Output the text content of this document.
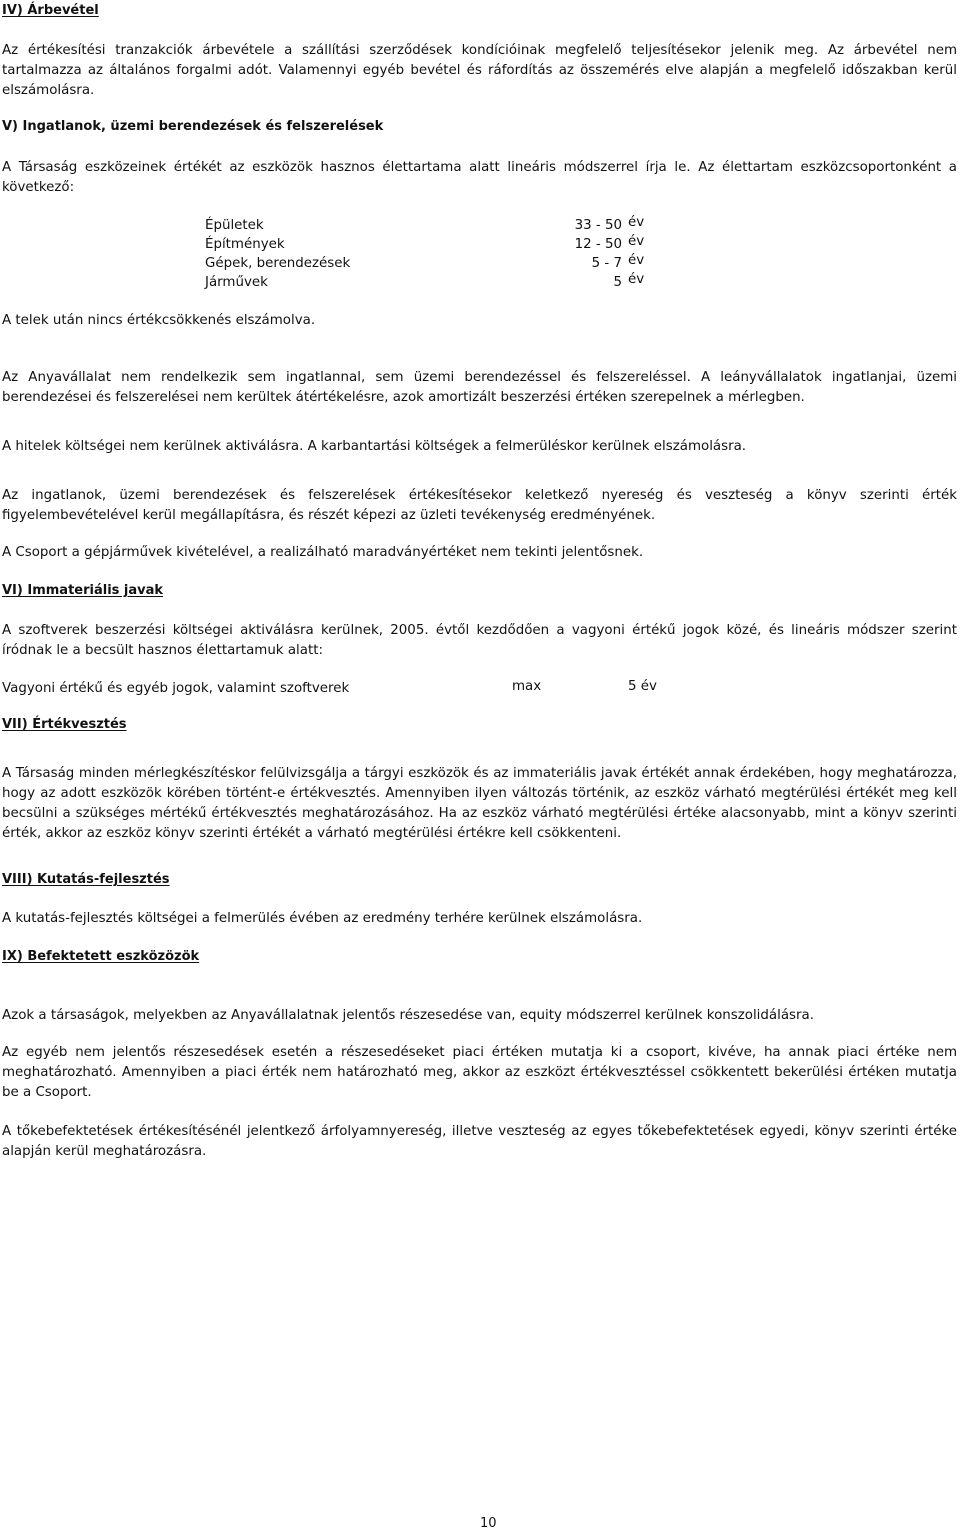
IV) Árbevétel

Az értékesítési tranzakciók árbevétele a szállítási szerződések kondícióinak megfelelő teljesítésekor jelenik meg. Az árbevétel nem tartalmazza az általános forgalmi adót. Valamennyi egyéb bevétel és ráfordítás az összemérés elve alapján a megfelelő időszakban kerül elszámolásra.

V) Ingatlanok, üzemi berendezések és felszerelések

A Társaság eszközeinek értékét az eszközök hasznos élettartama alatt lineáris módszerrel írja le. Az élettartam eszközcsoportonként a következő:

Épületek	33 - 50 év
Építmények	12 - 50 év
Gépek, berendezések	5 - 7 év
Járművek	5 év

A telek után nincs értékcsökkenés elszámolva.

Az Anyavállalat nem rendelkezik sem ingatlannal, sem üzemi berendezéssel és felszereléssel. A leányvállalatok ingatlanjai, üzemi berendezései és felszerelései nem kerültek átértékelésre, azok amortizált beszerzési értéken szerepelnek a mérlegben.

A hitelek költségei nem kerülnek aktiválásra. A karbantartási költségek a felmerüléskor kerülnek elszámolásra.

Az ingatlanok, üzemi berendezések és felszerelések értékesítésekor keletkező nyereség és veszteség a könyv szerinti érték figyelembevételével kerül megállapításra, és részét képezi az üzleti tevékenység eredményének.

A Csoport a gépjárművek kivételével, a realizálható maradványértéket nem tekinti jelentősnek.

VI) Immateriális javak

A szoftverek beszerzési költségei aktiválásra kerülnek, 2005. évtől kezdődően a vagyoni értékű jogok közé, és lineáris módszer szerint íródnak le a becsült hasznos élettartamuk alatt:

Vagyoni értékű és egyéb jogok, valamint szoftverek	max	5 év
VII) Értékvesztés

A Társaság minden mérlegkészítéskor felülvizsgálja a tárgyi eszközök és az immateriális javak értékét annak érdekében, hogy meghatározza, hogy az adott eszközök körében történt-e értékvesztés. Amennyiben ilyen változás történik, az eszköz várható megtérülési értékét meg kell becsülni a szükséges mértékű értékvesztés meghatározásához. Ha az eszköz várható megtérülési értéke alacsonyabb, mint a könyv szerinti érték, akkor az eszköz könyv szerinti értékét a várható megtérülési értékre kell csökkenteni.

VIII) Kutatás-fejlesztés

A kutatás-fejlesztés költségei a felmerülés évében az eredmény terhére kerülnek elszámolásra.

IX) Befektetett eszközözök

Azok a társaságok, melyekben az Anyavállalatnak jelentős részesedése van, equity módszerrel kerülnek konszolidálásra.

Az egyéb nem jelentős részesedések esetén a részesedéseket piaci értéken mutatja ki a csoport, kivéve, ha annak piaci értéke nem meghatározható. Amennyiben a piaci érték nem határozható meg, akkor az eszközt értékvesztéssel csökkentett bekerülési értéken mutatja be a Csoport.

A tőkebefektetések értékesítésénél jelentkező árfolyamnyereség, illetve veszteség az egyes tőkebefektetések egyedi, könyv szerinti értéke alapján kerül meghatározásra.

10
